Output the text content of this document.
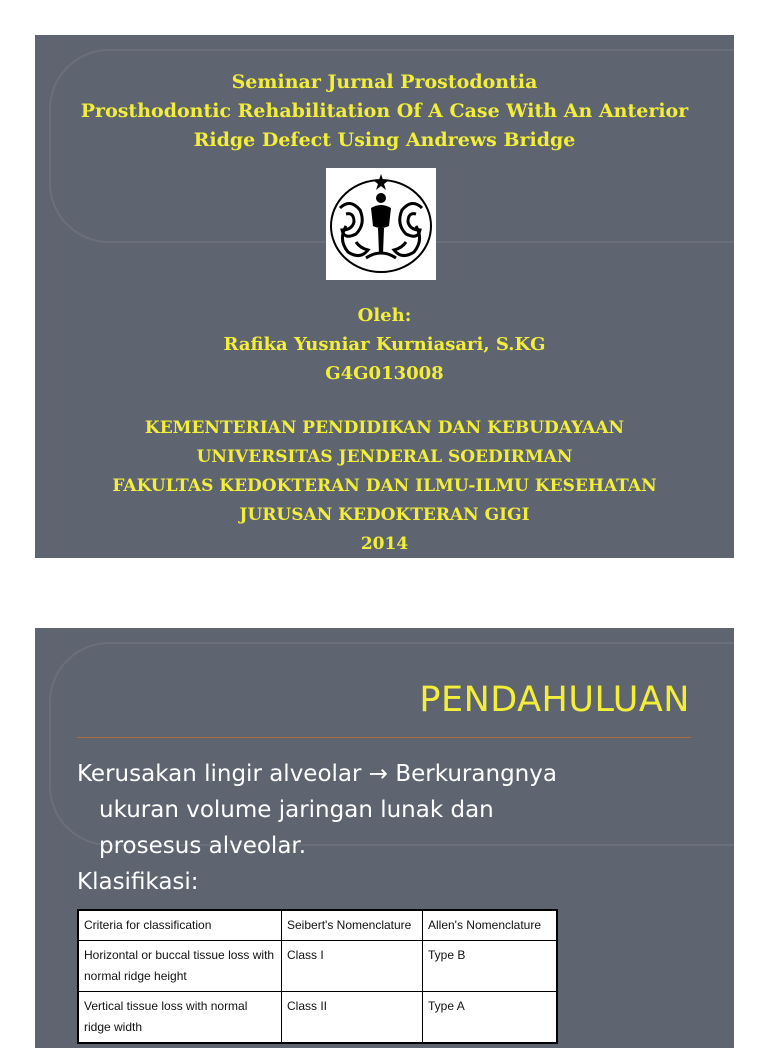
Seminar Jurnal Prostodontia
Prosthodontic Rehabilitation Of A Case With An Anterior
Ridge Defect Using Andrews Bridge
Oleh:
Rafika Yusniar Kurniasari, S.KG
G4G013008
KEMENTERIAN PENDIDIKAN DAN KEBUDAYAAN
UNIVERSITAS JENDERAL SOEDIRMAN
FAKULTAS KEDOKTERAN DAN ILMU-ILMU KESEHATAN
JURUSAN KEDOKTERAN GIGI
2014
PENDAHULUAN
Kerusakan lingir alveolar → Berkurangnya
ukuran volume jaringan lunak dan
prosesus alveolar.
Klasifikasi:
Criteria for classification	Seibert's Nomenclature	Allen's Nomenclature
Horizontal or buccal tissue loss with normal ridge height	Class I	Type B
Vertical tissue loss with normal ridge width	Class II	Type A
